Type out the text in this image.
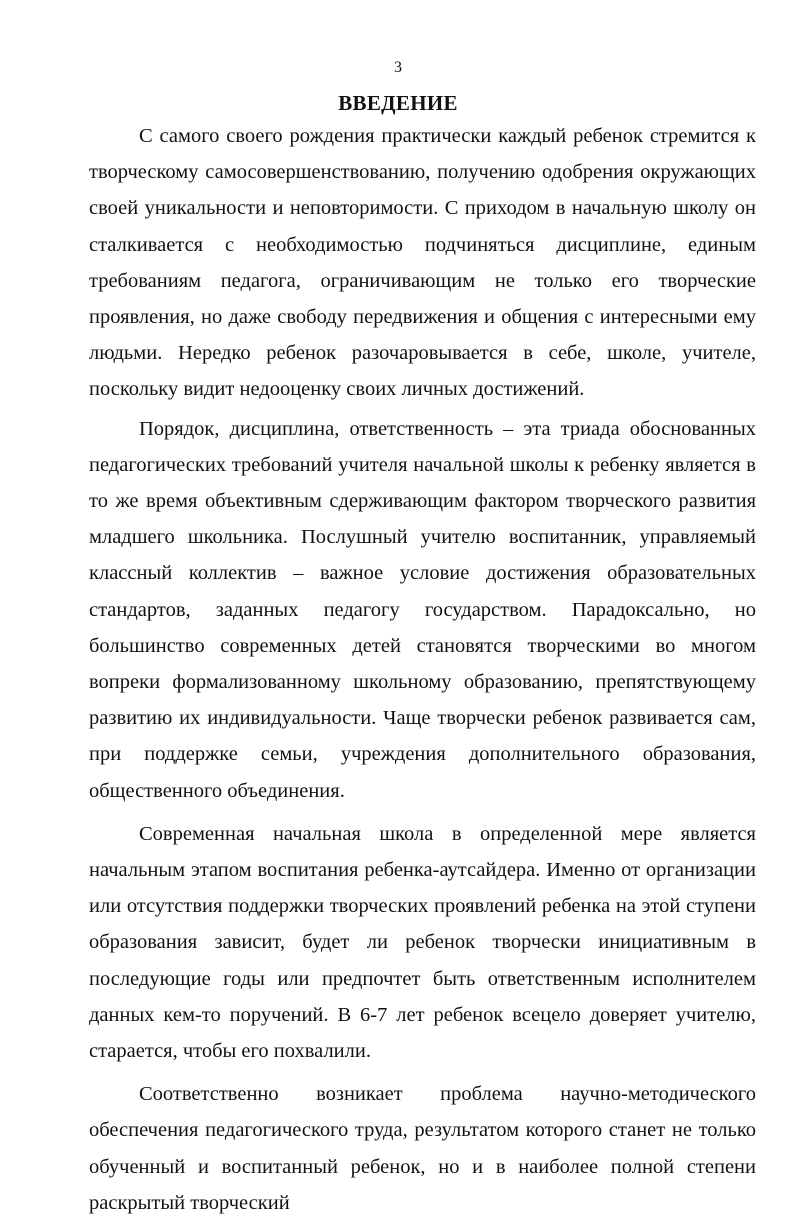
3
ВВЕДЕНИЕ

С самого своего рождения практически каждый ребенок стремится к творческому самосовершенствованию, получению одобрения окружающих своей уникальности и неповторимости. С приходом в начальную школу он сталкивается с необходимостью подчиняться дисциплине, единым требованиям педагога, ограничивающим не только его творческие проявления, но даже свободу передвижения и общения с интересными ему людьми. Нередко ребенок разочаровывается в себе, школе, учителе, поскольку видит недооценку своих личных достижений.

Порядок, дисциплина, ответственность – эта триада обоснованных педагогических требований учителя начальной школы к ребенку является в то же время объективным сдерживающим фактором творческого развития младшего школьника. Послушный учителю воспитанник, управляемый классный коллектив – важное условие достижения образовательных стандартов, заданных педагогу государством. Парадоксально, но большинство современных детей становятся творческими во многом вопреки формализованному школьному образованию, препятствующему развитию их индивидуальности. Чаще творчески ребенок развивается сам, при поддержке семьи, учреждения дополнительного образования, общественного объединения.

Современная начальная школа в определенной мере является начальным этапом воспитания ребенка-аутсайдера. Именно от организации или отсутствия поддержки творческих проявлений ребенка на этой ступени образования зависит, будет ли ребенок творчески инициативным в последующие годы или предпочтет быть ответственным исполнителем данных кем-то поручений. В 6-7 лет ребенок всецело доверяет учителю, старается, чтобы его похвалили.

Соответственно возникает проблема научно-методического обеспечения педагогического труда, результатом которого станет не только обученный и воспитанный ребенок, но и в наиболее полной степени раскрытый творческий
